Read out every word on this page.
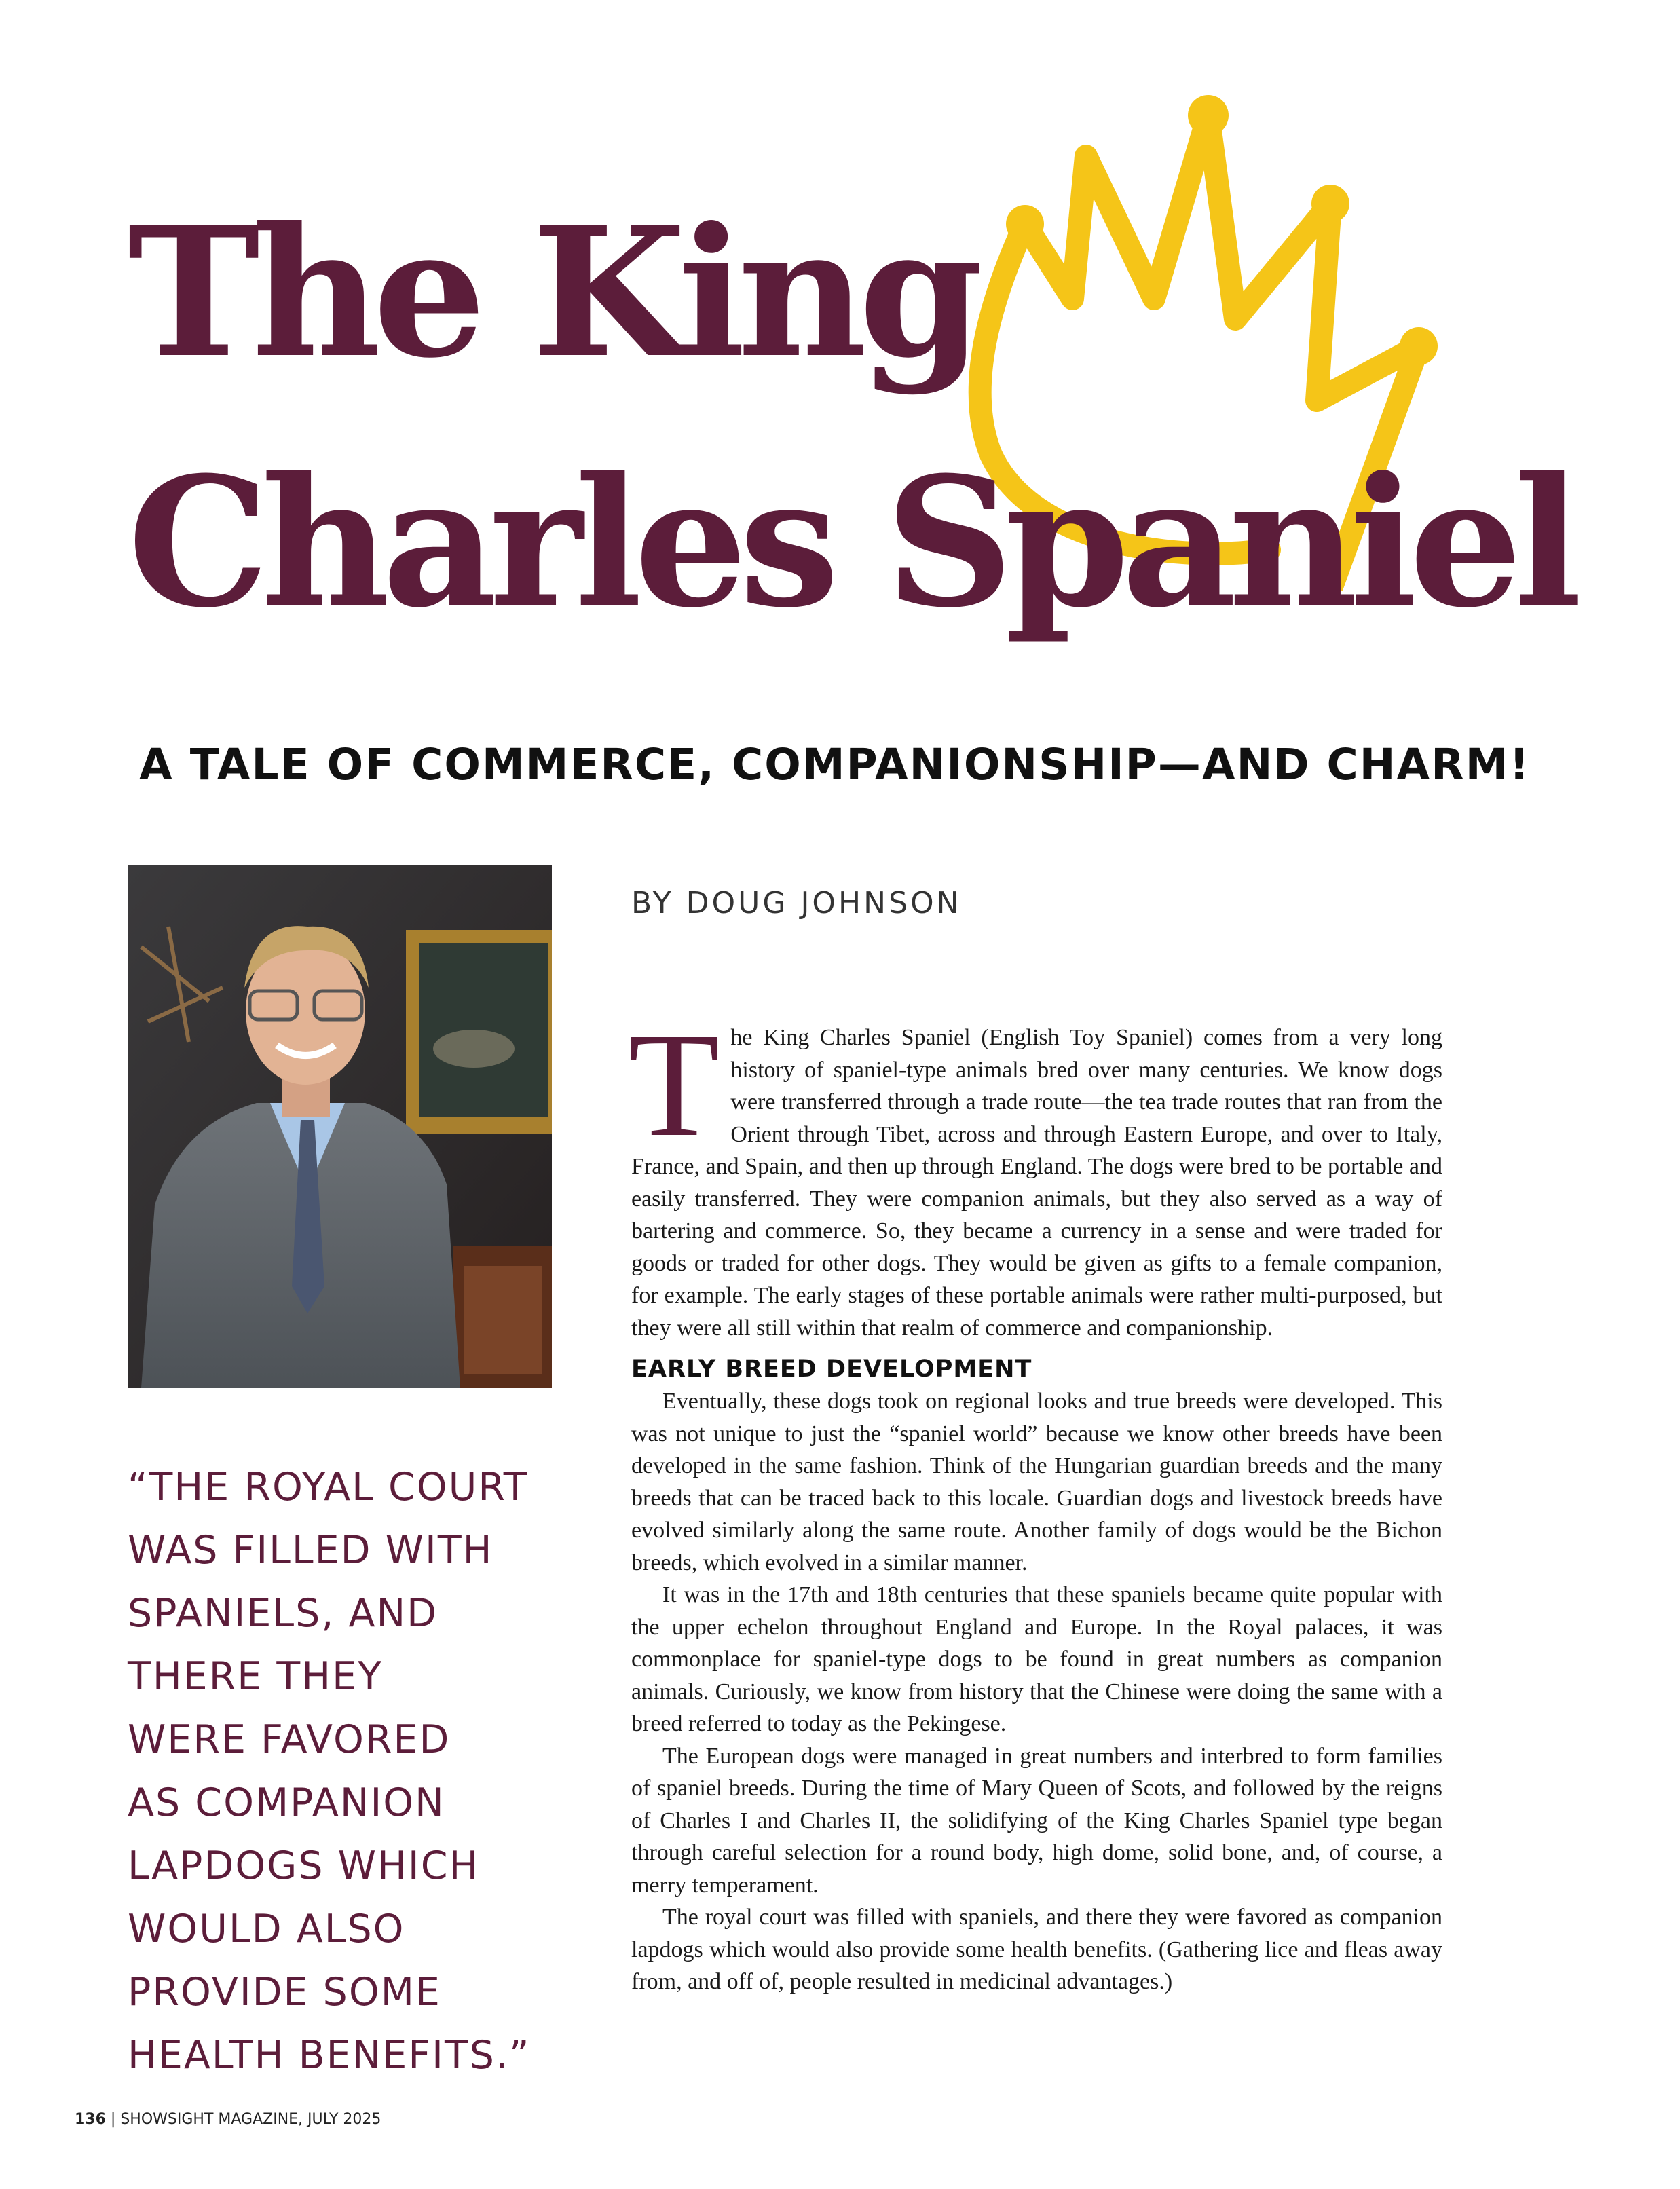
The King
Charles Spaniel
A TALE OF COMMERCE, COMPANIONSHIP—AND CHARM!
BY DOUG JOHNSON
“THE ROYAL COURT
WAS FILLED WITH
SPANIELS, AND
THERE THEY
WERE FAVORED
AS COMPANION
LAPDOGS WHICH
WOULD ALSO
PROVIDE SOME
HEALTH BENEFITS.”

The King Charles Spaniel (English Toy Spaniel) comes from a very long history of spaniel-type animals bred over many centuries. We know dogs were transferred through a trade route—the tea trade routes that ran from the Orient through Tibet, across and through Eastern Europe, and over to Italy, France, and Spain, and then up through England. The dogs were bred to be portable and easily transferred. They were companion animals, but they also served as a way of bartering and commerce. So, they became a currency in a sense and were traded for goods or traded for other dogs. They would be given as gifts to a female companion, for example. The early stages of these portable animals were rather multi-purposed, but they were all still within that realm of commerce and companionship.

EARLY BREED DEVELOPMENT

Eventually, these dogs took on regional looks and true breeds were developed. This was not unique to just the “spaniel world” because we know other breeds have been developed in the same fashion. Think of the Hungarian guardian breeds and the many breeds that can be traced back to this locale. Guardian dogs and livestock breeds have evolved similarly along the same route. Another family of dogs would be the Bichon breeds, which evolved in a similar manner.

It was in the 17th and 18th centuries that these spaniels became quite popular with the upper echelon throughout England and Europe. In the Royal palaces, it was commonplace for spaniel-type dogs to be found in great numbers as companion animals. Curiously, we know from history that the Chinese were doing the same with a breed referred to today as the Pekingese.

The European dogs were managed in great numbers and interbred to form families of spaniel breeds. During the time of Mary Queen of Scots, and followed by the reigns of Charles I and Charles II, the solidifying of the King Charles Spaniel type began through careful selection for a round body, high dome, solid bone, and, of course, a merry temperament.

The royal court was filled with spaniels, and there they were favored as companion lapdogs which would also provide some health benefits. (Gathering lice and fleas away from, and off of, people resulted in medicinal advantages.)

136 | SHOWSIGHT MAGAZINE, JULY 2025
